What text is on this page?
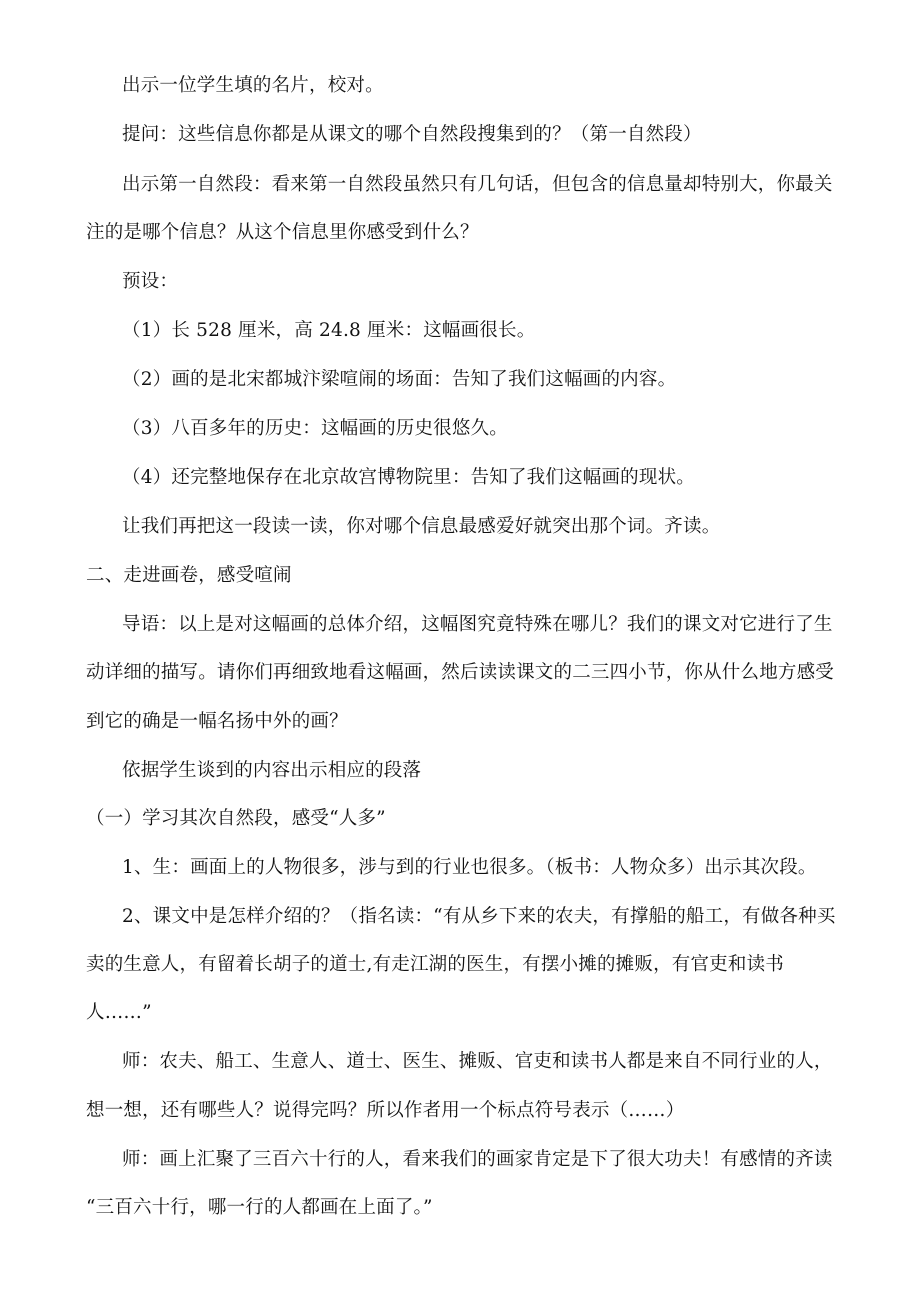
出示一位学生填的名片，校对。
提问：这些信息你都是从课文的哪个自然段搜集到的？（第一自然段）
出示第一自然段：看来第一自然段虽然只有几句话，但包含的信息量却特别大，你最关
注的是哪个信息？从这个信息里你感受到什么？
预设：
（1）长 528 厘米，高 24.8 厘米：这幅画很长。
（2）画的是北宋都城汴梁喧闹的场面：告知了我们这幅画的内容。
（3）八百多年的历史：这幅画的历史很悠久。
（4）还完整地保存在北京故宫博物院里：告知了我们这幅画的现状。
让我们再把这一段读一读，你对哪个信息最感爱好就突出那个词。齐读。
二、走进画卷，感受喧闹
导语：以上是对这幅画的总体介绍，这幅图究竟特殊在哪儿？我们的课文对它进行了生
动详细的描写。请你们再细致地看这幅画，然后读读课文的二三四小节，你从什么地方感受
到它的确是一幅名扬中外的画？
依据学生谈到的内容出示相应的段落
（一）学习其次自然段，感受“人多”
1、生：画面上的人物很多，涉与到的行业也很多。（板书：人物众多）出示其次段。
2、课文中是怎样介绍的？（指名读：“有从乡下来的农夫，有撑船的船工，有做各种买
卖的生意人，有留着长胡子的道士,有走江湖的医生，有摆小摊的摊贩，有官吏和读书
人……”
师：农夫、船工、生意人、道士、医生、摊贩、官吏和读书人都是来自不同行业的人，
想一想，还有哪些人？说得完吗？所以作者用一个标点符号表示（……）
师：画上汇聚了三百六十行的人，看来我们的画家肯定是下了很大功夫！有感情的齐读
“三百六十行，哪一行的人都画在上面了。”
